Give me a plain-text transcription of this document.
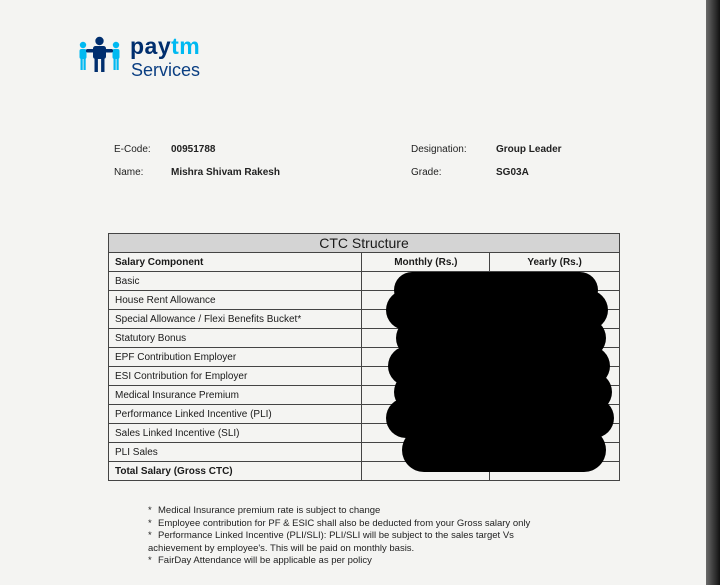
paytm
Services
E-Code: 00951788
Name:	Mishra Shivam Rakesh
Designation:	Group Leader
Grade:	SG03A
CTC Structure		
Salary Component	Monthly (Rs.)	Yearly (Rs.)
Basic		
House Rent Allowance		
Special Allowance / Flexi Benefits Bucket*		
Statutory Bonus		
EPF Contribution Employer		
ESI Contribution for Employer		
Medical Insurance Premium		
Performance Linked Incentive (PLI)		
Sales Linked Incentive (SLI)		
PLI Sales		
Total Salary (Gross CTC)		
* Medical Insurance premium rate is subject to change
* Employee contribution for PF & ESIC shall also be deducted from your Gross salary only
* Performance Linked Incentive (PLI/SLI): PLI/SLI will be subject to the sales target Vs
achievement by employee's. This will be paid on monthly basis.
* FairDay Attendance will be applicable as per policy
